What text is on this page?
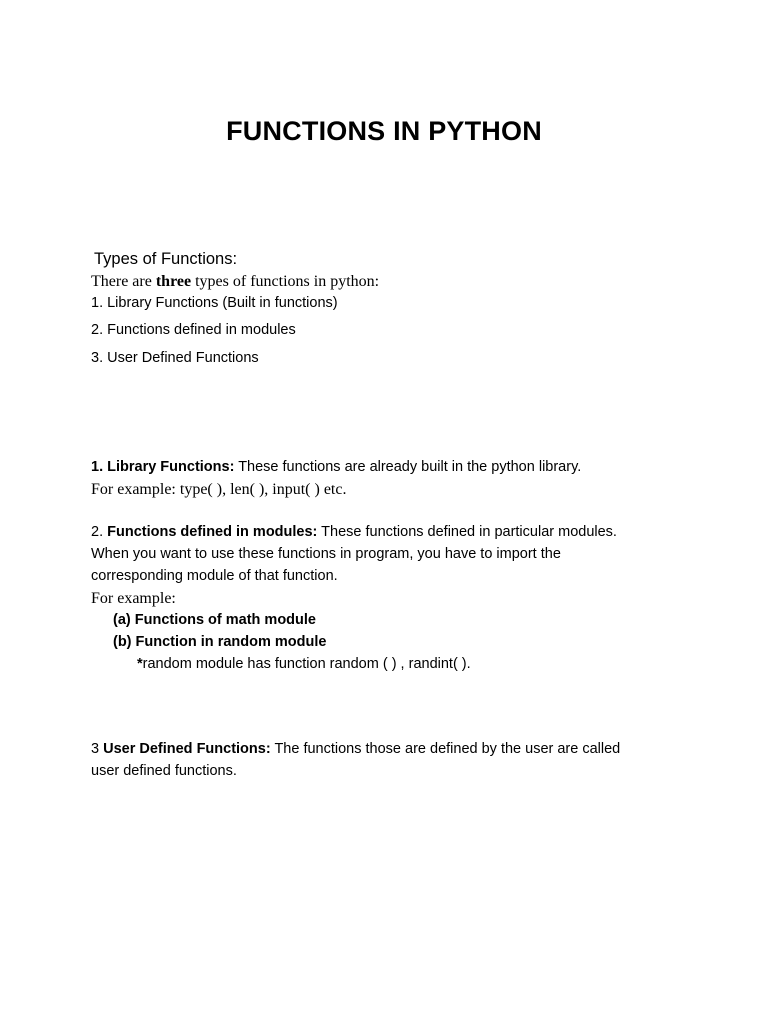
FUNCTIONS IN PYTHON
Types of Functions:
There are three types of functions in python:
1. Library Functions (Built in functions)
2. Functions defined in modules
3. User Defined Functions
1. Library Functions: These functions are already built in the python library.
For example: type( ), len( ), input( ) etc.
2. Functions defined in modules: These functions defined in particular modules.
When you want to use these functions in program, you have to import the
corresponding module of that function.
For example:
(a) Functions of math module
(b) Function in random module
*random module has function random ( ) , randint( ).
3 User Defined Functions: The functions those are defined by the user are called
user defined functions.
